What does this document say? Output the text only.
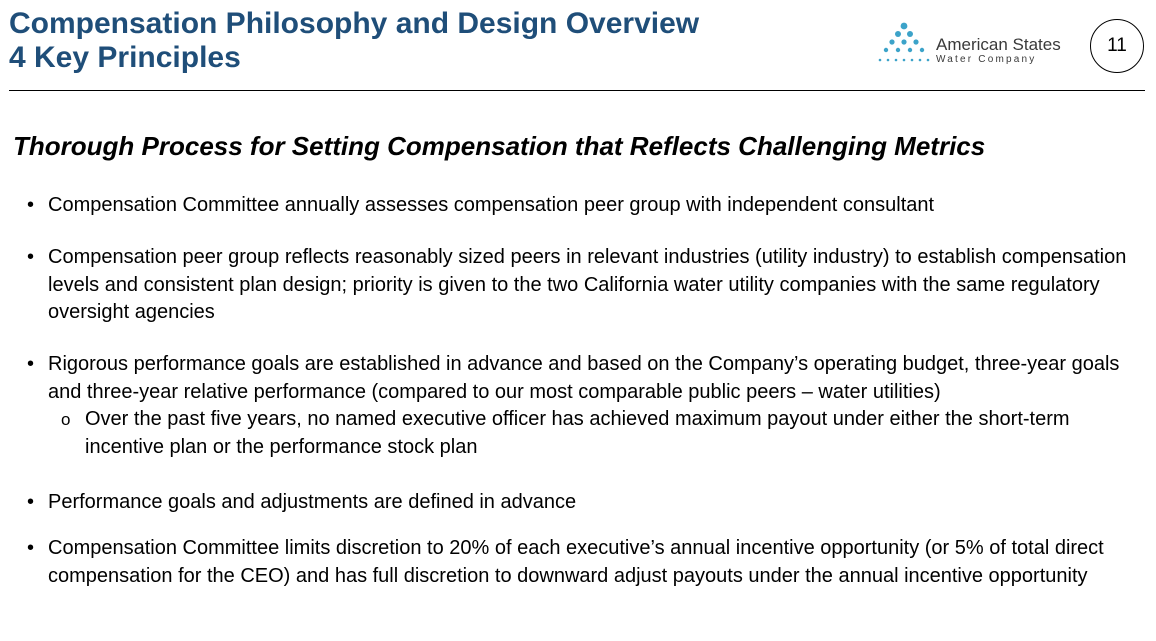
Compensation Philosophy and Design Overview
4 Key Principles	American States
Water Company
11
Thorough Process for Setting Compensation that Reflects Challenging Metrics
• Compensation Committee annually assesses compensation peer group with independent consultant
• Compensation peer group reflects reasonably sized peers in relevant industries (utility industry) to establish compensation levels and consistent plan design; priority is given to the two California water utility companies with the same regulatory oversight agencies
• Rigorous performance goals are established in advance and based on the Company’s operating budget, three-year goals and three-year relative performance (compared to our most comparable public peers – water utilities)
o Over the past five years, no named executive officer has achieved maximum payout under either the short-term incentive plan or the performance stock plan
• Performance goals and adjustments are defined in advance
• Compensation Committee limits discretion to 20% of each executive’s annual incentive opportunity (or 5% of total direct compensation for the CEO) and has full discretion to downward adjust payouts under the annual incentive opportunity
